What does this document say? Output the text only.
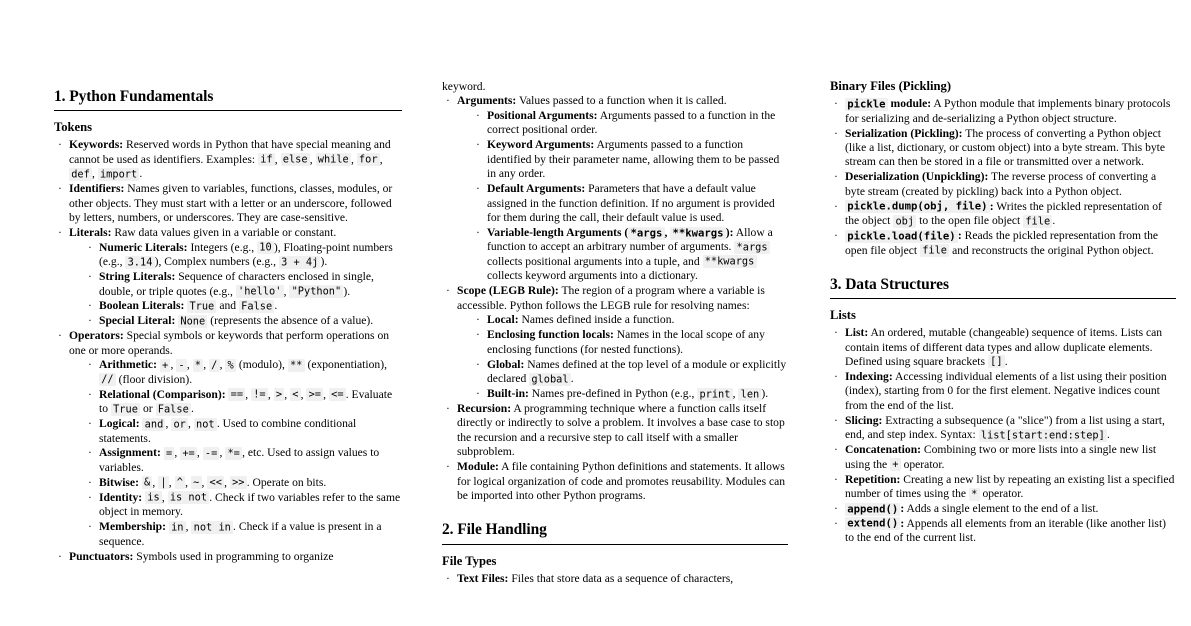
1. Python Fundamentals
Tokens
· Keywords: Reserved words in Python that have special meaning and cannot be used as identifiers. Examples: if , else , while , for , def , import .
· Identifiers: Names given to variables, functions, classes, modules, or other objects. They must start with a letter or an underscore, followed by letters, numbers, or underscores. They are case-sensitive.
· Literals: Raw data values given in a variable or constant.
· Numeric Literals: Integers (e.g., 10 ), Floating-point numbers (e.g., 3.14 ), Complex numbers (e.g., 3 + 4j ).
· String Literals: Sequence of characters enclosed in single, double, or triple quotes (e.g., 'hello' , "Python" ).
· Boolean Literals: True and False .
· Special Literal: None (represents the absence of a value).
· Operators: Special symbols or keywords that perform operations on one or more operands.
· Arithmetic: + , - , * , / , % (modulo), ** (exponentiation), // (floor division).
· Relational (Comparison): == , != , > , < , >= , <= . Evaluate to True or False .
· Logical: and , or , not . Used to combine conditional statements.
· Assignment: = , += , -= , *= , etc. Used to assign values to variables.
· Bitwise: & , | , ^ , ~ , << , >> . Operate on bits.
· Identity: is , is not . Check if two variables refer to the same object in memory.
· Membership: in , not in . Check if a value is present in a sequence.
· Punctuators: Symbols used in programming to organize

keyword.

· Arguments: Values passed to a function when it is called.
· Positional Arguments: Arguments passed to a function in the correct positional order.
· Keyword Arguments: Arguments passed to a function identified by their parameter name, allowing them to be passed in any order.
· Default Arguments: Parameters that have a default value assigned in the function definition. If no argument is provided for them during the call, their default value is used.
· Variable-length Arguments ( *args , **kwargs ): Allow a function to accept an arbitrary number of arguments. *args collects positional arguments into a tuple, and **kwargs collects keyword arguments into a dictionary.
· Scope (LEGB Rule): The region of a program where a variable is accessible. Python follows the LEGB rule for resolving names:
· Local: Names defined inside a function.
· Enclosing function locals: Names in the local scope of any enclosing functions (for nested functions).
· Global: Names defined at the top level of a module or explicitly declared global .
· Built-in: Names pre-defined in Python (e.g., print , len ).
· Recursion: A programming technique where a function calls itself directly or indirectly to solve a problem. It involves a base case to stop the recursion and a recursive step to call itself with a smaller subproblem.
· Module: A file containing Python definitions and statements. It allows for logical organization of code and promotes reusability. Modules can be imported into other Python programs.
2. File Handling
File Types
· Text Files: Files that store data as a sequence of characters,
Binary Files (Pickling)
· pickle module: A Python module that implements binary protocols for serializing and de-serializing a Python object structure.
· Serialization (Pickling): The process of converting a Python object (like a list, dictionary, or custom object) into a byte stream. This byte stream can then be stored in a file or transmitted over a network.
· Deserialization (Unpickling): The reverse process of converting a byte stream (created by pickling) back into a Python object.
· pickle.dump(obj, file) : Writes the pickled representation of the object obj to the open file object file .
· pickle.load(file) : Reads the pickled representation from the open file object file and reconstructs the original Python object.
3. Data Structures
Lists
· List: An ordered, mutable (changeable) sequence of items. Lists can contain items of different data types and allow duplicate elements. Defined using square brackets [] .
· Indexing: Accessing individual elements of a list using their position (index), starting from 0 for the first element. Negative indices count from the end of the list.
· Slicing: Extracting a subsequence (a "slice") from a list using a start, end, and step index. Syntax: list[start:end:step] .
· Concatenation: Combining two or more lists into a single new list using the + operator.
· Repetition: Creating a new list by repeating an existing list a specified number of times using the * operator.
· append() : Adds a single element to the end of a list.
· extend() : Appends all elements from an iterable (like another list) to the end of the current list.
